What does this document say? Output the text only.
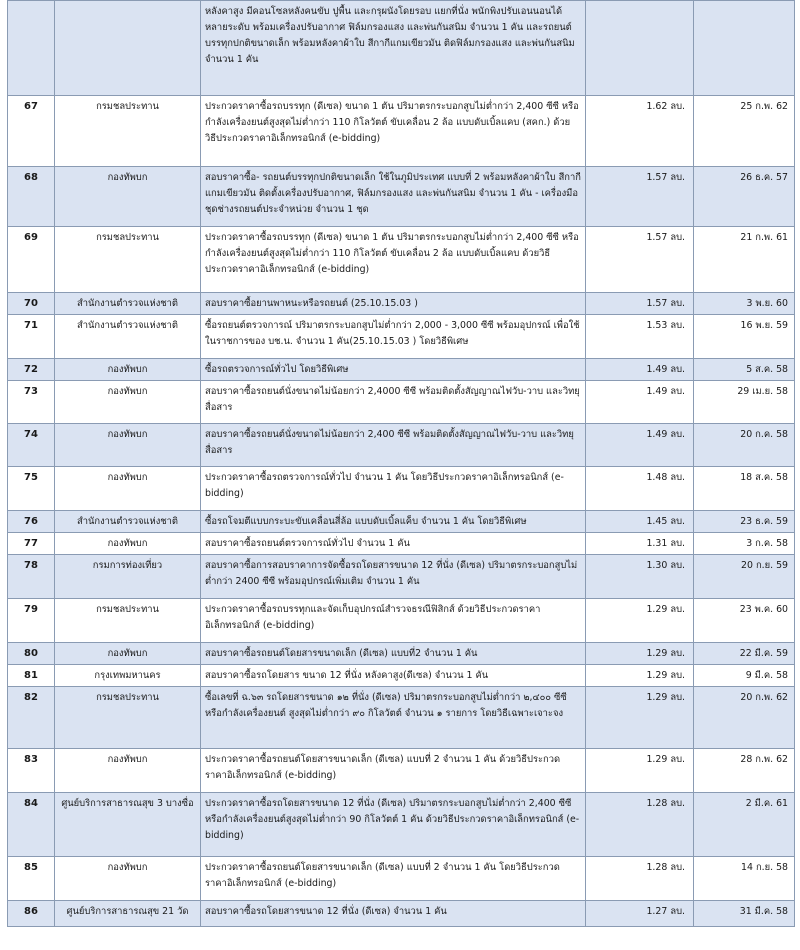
		หลังคาสูง มีคอนโซลหลังคนขับ ปูพื้น และกรุผนังโดยรอบ แยกที่นั่ง พนักพิงปรับเอนนอนได้หลายระดับ พร้อมเครื่องปรับอากาศ ฟิล์มกรองแสง และพ่นกันสนิม จำนวน 1 คัน และรถยนต์บรรทุกปกติขนาดเล็ก พร้อมหลังคาผ้าใบ สีกากีแกมเขียวมัน ติดฟิล์มกรองแสง และพ่นกันสนิม จำนวน 1 คัน		
67	กรมชลประทาน	ประกวดราคาซื้อรถบรรทุก (ดีเซล) ขนาด 1 ตัน ปริมาตรกระบอกสูบไม่ต่ำกว่า 2,400 ซีซี หรือกำลังเครื่องยนต์สูงสุดไม่ต่ำกว่า 110 กิโลวัตต์ ขับเคลื่อน 2 ล้อ แบบดับเบิ้ลแคบ (สคก.) ด้วยวิธีประกวดราคาอิเล็กทรอนิกส์ (e-bidding)	1.62 ลบ.	25 ก.พ. 62
68	กองทัพบก	สอบราคาซื้อ- รถยนต์บรรทุกปกติขนาดเล็ก ใช้ในภูมิประเทศ แบบที่ 2 พร้อมหลังคาผ้าใบ สีกากีแกมเขียวมัน ติดตั้งเครื่องปรับอากาศ, ฟิล์มกรองแสง และพ่นกันสนิม จำนวน 1 คัน - เครื่องมือชุดช่างรถยนต์ประจำหน่วย จำนวน 1 ชุด	1.57 ลบ.	26 ธ.ค. 57
69	กรมชลประทาน	ประกวดราคาซื้อรถบรรทุก (ดีเซล) ขนาด 1 ตัน ปริมาตรกระบอกสูบไม่ต่ำกว่า 2,400 ซีซี หรือกำลังเครื่องยนต์สูงสุดไม่ต่ำกว่า 110 กิโลวัตต์ ขับเคลื่อน 2 ล้อ แบบดับเบิ้ลแคบ ด้วยวิธีประกวดราคาอิเล็กทรอนิกส์ (e-bidding)	1.57 ลบ.	21 ก.พ. 61
70	สำนักงานตำรวจแห่งชาติ	สอบราคาซื้อยานพาหนะหรือรถยนต์ (25.10.15.03 )	1.57 ลบ.	3 พ.ย. 60
71	สำนักงานตำรวจแห่งชาติ	ซื้อรถยนต์ตรวจการณ์ ปริมาตรกระบอกสูบไม่ต่ำกว่า 2,000 - 3,000 ซีซี พร้อมอุปกรณ์ เพื่อใช้ในราชการของ บช.น. จำนวน 1 คัน(25.10.15.03 ) โดยวิธีพิเศษ	1.53 ลบ.	16 พ.ย. 59
72	กองทัพบก	ซื้อรถตรวจการณ์ทั่วไป โดยวิธีพิเศษ	1.49 ลบ.	5 ส.ค. 58
73	กองทัพบก	สอบราคาซื้อรถยนต์นั่งขนาดไม่น้อยกว่า 2,4000 ซีซี พร้อมติดตั้งสัญญาณไฟวับ-วาบ และวิทยุสื่อสาร	1.49 ลบ.	29 เม.ย. 58
74	กองทัพบก	สอบราคาซื้อรถยนต์นั่งขนาดไม่น้อยกว่า 2,400 ซีซี พร้อมติดตั้งสัญญาณไฟวับ-วาบ และวิทยุสื่อสาร	1.49 ลบ.	20 ก.ค. 58
75	กองทัพบก	ประกวดราคาซื้อรถตรวจการณ์ทั่วไป จำนวน 1 คัน โดยวิธีประกวดราคาอิเล็กทรอนิกส์ (e-bidding)	1.48 ลบ.	18 ส.ค. 58
76	สำนักงานตำรวจแห่งชาติ	ซื้อรถโจมตีแบบกระบะขับเคลื่อนสี่ล้อ แบบดับเบิ้ลแค็บ จำนวน 1 คัน โดยวิธีพิเศษ	1.45 ลบ.	23 ธ.ค. 59
77	กองทัพบก	สอบราคาซื้อรถยนต์ตรวจการณ์ทั่วไป จำนวน 1 คัน	1.31 ลบ.	3 ก.ค. 58
78	กรมการท่องเที่ยว	สอบราคาซื้อการสอบราคาการจัดซื้อรถโดยสารขนาด 12 ที่นั่ง (ดีเซล) ปริมาตรกระบอกสูบไม่ต่ำกว่า 2400 ซีซี พร้อมอุปกรณ์เพิ่มเติม จำนวน 1 คัน	1.30 ลบ.	20 ก.ย. 59
79	กรมชลประทาน	ประกวดราคาซื้อรถบรรทุกและจัดเก็บอุปกรณ์สำรวจธรณีฟิสิกส์ ด้วยวิธีประกวดราคาอิเล็กทรอนิกส์ (e-bidding)	1.29 ลบ.	23 พ.ค. 60
80	กองทัพบก	สอบราคาซื้อรถยนต์โดยสารขนาดเล็ก (ดีเซล) แบบที่2 จำนวน 1 คัน	1.29 ลบ.	22 มี.ค. 59
81	กรุงเทพมหานคร	สอบราคาซื้อรถโดยสาร ขนาด 12 ที่นั่ง หลังคาสูง(ดีเซล) จำนวน 1 คัน	1.29 ลบ.	9 มี.ค. 58
82	กรมชลประทาน	ซื้อเลขที่ ฉ.๖๓ รถโดยสารขนาด ๑๒ ที่นั่ง (ดีเซล) ปริมาตรกระบอกสูบไม่ต่ำกว่า ๒,๔๐๐ ซีซี หรือกำลังเครื่องยนต์ สูงสุดไม่ต่ำกว่า ๙๐ กิโลวัตต์ จำนวน ๑ รายการ โดยวิธีเฉพาะเจาะจง	1.29 ลบ.	20 ก.พ. 62
83	กองทัพบก	ประกวดราคาซื้อรถยนต์โดยสารขนาดเล็ก (ดีเซล) แบบที่ 2 จำนวน 1 คัน ด้วยวิธีประกวดราคาอิเล็กทรอนิกส์ (e-bidding)	1.29 ลบ.	28 ก.พ. 62
84	ศูนย์บริการสาธารณสุข 3 บางซื่อ	ประกวดราคาซื้อรถโดยสารขนาด 12 ที่นั่ง (ดีเซล) ปริมาตรกระบอกสูบไม่ต่ำกว่า 2,400 ซีซี หรือกำลังเครื่องยนต์สูงสุดไม่ต่ำกว่า 90 กิโลวัตต์ 1 คัน ด้วยวิธีประกวดราคาอิเล็กทรอนิกส์ (e-bidding)	1.28 ลบ.	2 มี.ค. 61
85	กองทัพบก	ประกวดราคาซื้อรถยนต์โดยสารขนาดเล็ก (ดีเซล) แบบที่ 2 จำนวน 1 คัน โดยวิธีประกวดราคาอิเล็กทรอนิกส์ (e-bidding)	1.28 ลบ.	14 ก.ย. 58
86	ศูนย์บริการสาธารณสุข 21 วัด	สอบราคาซื้อรถโดยสารขนาด 12 ที่นั่ง (ดีเซล) จำนวน 1 คัน	1.27 ลบ.	31 มี.ค. 58
